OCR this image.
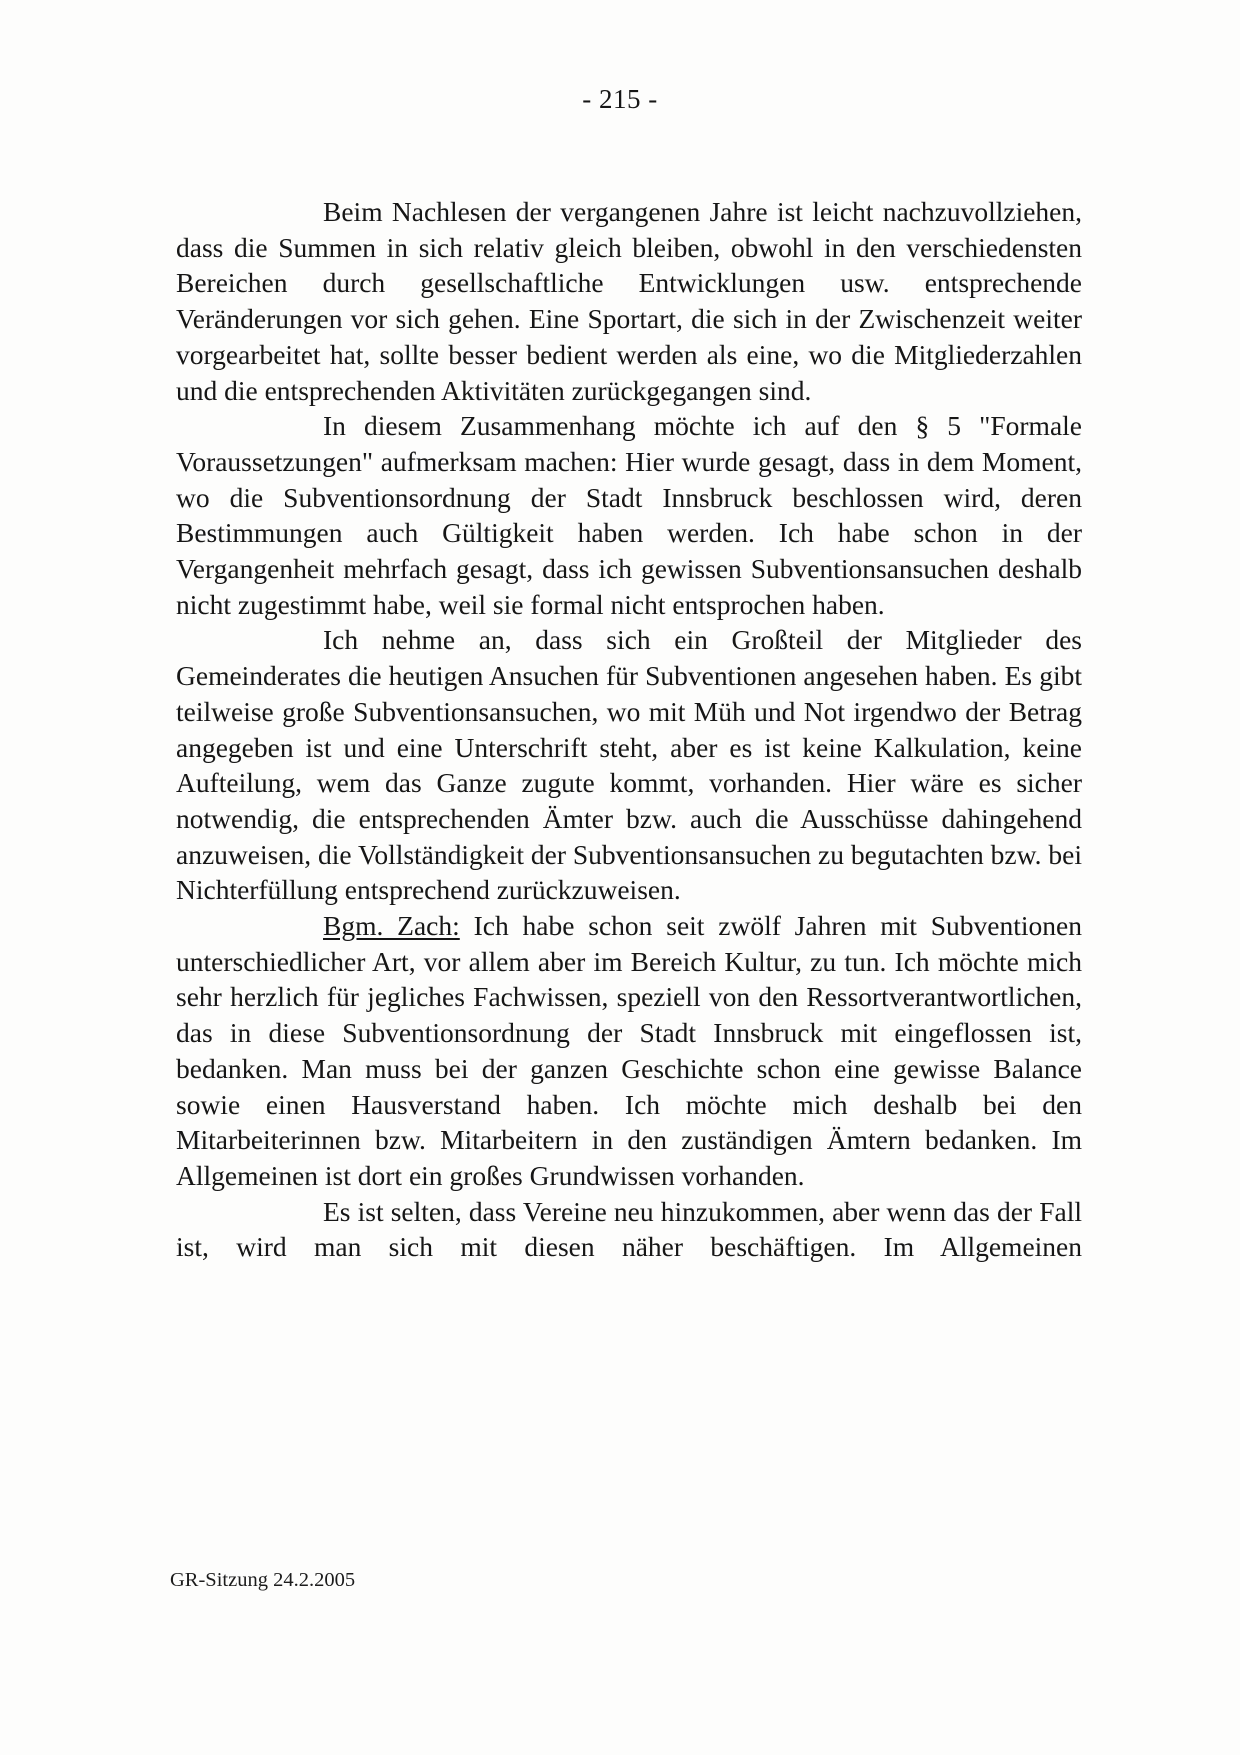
- 215 -

Beim Nachlesen der vergangenen Jahre ist leicht nachzuvollziehen, dass die Summen in sich relativ gleich bleiben, obwohl in den verschiedensten Bereichen durch gesellschaftliche Entwicklungen usw. entsprechende Veränderungen vor sich gehen. Eine Sportart, die sich in der Zwischenzeit weiter vorgearbeitet hat, sollte besser bedient werden als eine, wo die Mitgliederzahlen und die entsprechenden Aktivitäten zurückgegangen sind.

In diesem Zusammenhang möchte ich auf den § 5 "Formale Voraussetzungen" aufmerksam machen: Hier wurde gesagt, dass in dem Moment, wo die Subventionsordnung der Stadt Innsbruck beschlossen wird, deren Bestimmungen auch Gültigkeit haben werden. Ich habe schon in der Vergangenheit mehrfach gesagt, dass ich gewissen Subventionsansuchen deshalb nicht zugestimmt habe, weil sie formal nicht entsprochen haben.

Ich nehme an, dass sich ein Großteil der Mitglieder des Gemeinderates die heutigen Ansuchen für Subventionen angesehen haben. Es gibt teilweise große Subventionsansuchen, wo mit Müh und Not irgendwo der Betrag angegeben ist und eine Unterschrift steht, aber es ist keine Kalkulation, keine Aufteilung, wem das Ganze zugute kommt, vorhanden. Hier wäre es sicher notwendig, die entsprechenden Ämter bzw. auch die Ausschüsse dahingehend anzuweisen, die Vollständigkeit der Subventionsansuchen zu begutachten bzw. bei Nichterfüllung entsprechend zurückzuweisen.

Bgm. Zach: Ich habe schon seit zwölf Jahren mit Subventionen unterschiedlicher Art, vor allem aber im Bereich Kultur, zu tun. Ich möchte mich sehr herzlich für jegliches Fachwissen, speziell von den Ressortverantwortlichen, das in diese Subventionsordnung der Stadt Innsbruck mit eingeflossen ist, bedanken. Man muss bei der ganzen Geschichte schon eine gewisse Balance sowie einen Hausverstand haben. Ich möchte mich deshalb bei den Mitarbeiterinnen bzw. Mitarbeitern in den zuständigen Ämtern bedanken. Im Allgemeinen ist dort ein großes Grundwissen vorhanden.

Es ist selten, dass Vereine neu hinzukommen, aber wenn das der Fall ist, wird man sich mit diesen näher beschäftigen. Im Allgemeinen

GR-Sitzung 24.2.2005
